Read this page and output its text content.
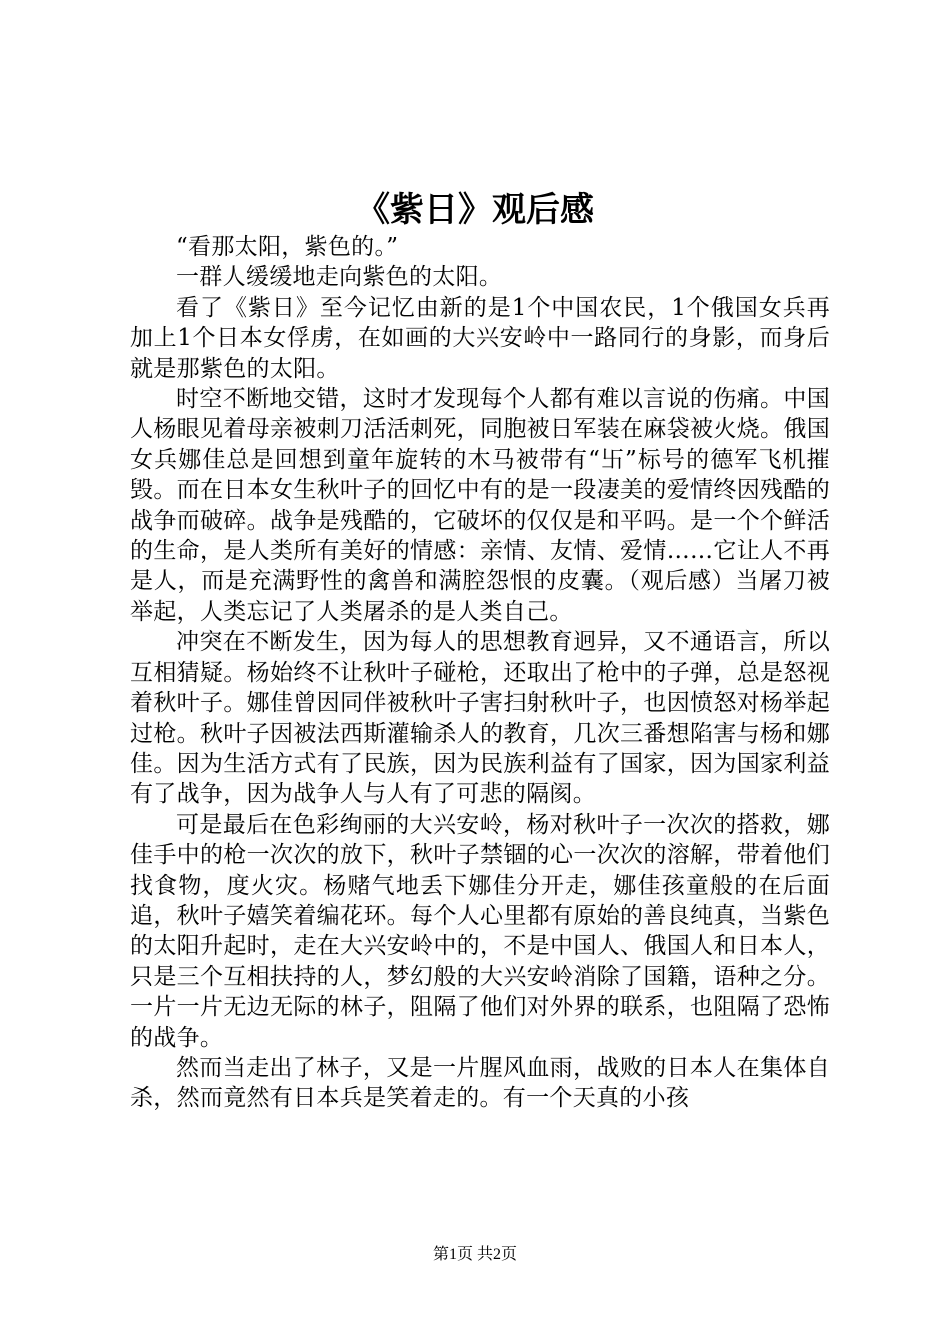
《紫日》观后感

“看那太阳，紫色的。”

一群人缓缓地走向紫色的太阳。

看了《紫日》至今记忆由新的是1个中国农民，1个俄国女兵再加上1个日本女俘虏，在如画的大兴安岭中一路同行的身影，而身后就是那紫色的太阳。

时空不断地交错，这时才发现每个人都有难以言说的伤痛。中国人杨眼见着母亲被刺刀活活刺死，同胞被日军装在麻袋被火烧。俄国女兵娜佳总是回想到童年旋转的木马被带有“卐”标号的德军飞机摧毁。而在日本女生秋叶子的回忆中有的是一段凄美的爱情终因残酷的战争而破碎。战争是残酷的，它破坏的仅仅是和平吗。是一个个鲜活的生命，是人类所有美好的情感：亲情、友情、爱情……它让人不再是人，而是充满野性的禽兽和满腔怨恨的皮囊。（观后感）当屠刀被举起，人类忘记了人类屠杀的是人类自己。

冲突在不断发生，因为每人的思想教育迥异，又不通语言，所以互相猜疑。杨始终不让秋叶子碰枪，还取出了枪中的子弹，总是怒视着秋叶子。娜佳曾因同伴被秋叶子害扫射秋叶子，也因愤怒对杨举起过枪。秋叶子因被法西斯灌输杀人的教育，几次三番想陷害与杨和娜佳。因为生活方式有了民族，因为民族利益有了国家，因为国家利益有了战争，因为战争人与人有了可悲的隔阂。

可是最后在色彩绚丽的大兴安岭，杨对秋叶子一次次的搭救，娜佳手中的枪一次次的放下，秋叶子禁锢的心一次次的溶解，带着他们找食物，度火灾。杨赌气地丢下娜佳分开走，娜佳孩童般的在后面追，秋叶子嬉笑着编花环。每个人心里都有原始的善良纯真，当紫色的太阳升起时，走在大兴安岭中的，不是中国人、俄国人和日本人，只是三个互相扶持的人，梦幻般的大兴安岭消除了国籍，语种之分。一片一片无边无际的林子，阻隔了他们对外界的联系，也阻隔了恐怖的战争。

然而当走出了林子，又是一片腥风血雨，战败的日本人在集体自杀，然而竟然有日本兵是笑着走的。有一个天真的小孩

第1页 共2页
